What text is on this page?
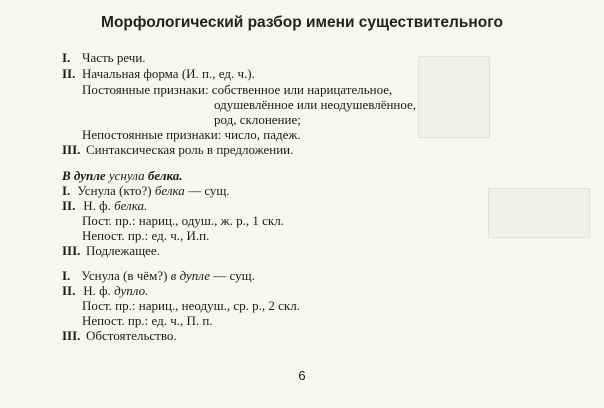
Морфологический разбор имени существительного
I. Часть речи.
II. Начальная форма (И. п., ед. ч.).
Постоянные признаки: собственное или нарицательное,
одушевлённое или неодушевлённое,
род, склонение;
Непостоянные признаки: число, падеж.
III. Синтаксическая роль в предложении.
В дупле уснула белка.
I. Уснула (кто?) белка — сущ.
II. Н. ф. белка.
Пост. пр.: нариц., одуш., ж. р., 1 скл.
Непост. пр.: ед. ч., И.п.
III. Подлежащее.
I. Уснула (в чём?) в дупле — сущ.
II. Н. ф. дупло.
Пост. пр.: нариц., неодуш., ср. р., 2 скл.
Непост. пр.: ед. ч., П. п.
III. Обстоятельство.
6
